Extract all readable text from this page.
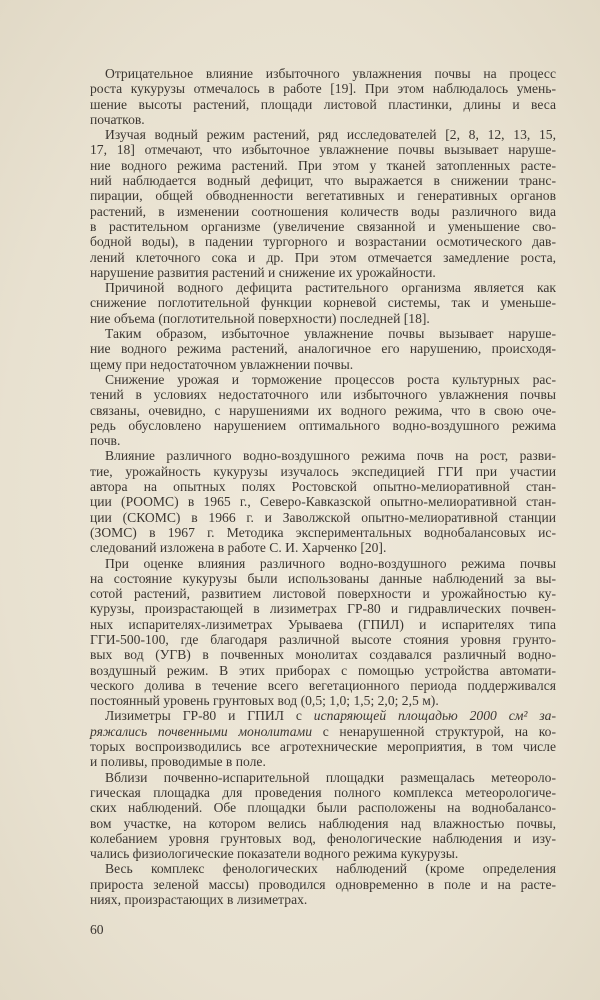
Отрицательное влияние избыточного увлажнения почвы на процесс
роста кукурузы отмечалось в работе [19]. При этом наблюдалось умень-
шение высоты растений, площади листовой пластинки, длины и веса
початков.
Изучая водный режим растений, ряд исследователей [2, 8, 12, 13, 15,
17, 18] отмечают, что избыточное увлажнение почвы вызывает наруше-
ние водного режима растений. При этом у тканей затопленных расте-
ний наблюдается водный дефицит, что выражается в снижении транс-
пирации, общей обводненности вегетативных и генеративных органов
растений, в изменении соотношения количеств воды различного вида
в растительном организме (увеличение связанной и уменьшение сво-
бодной воды), в падении тургорного и возрастании осмотического дав-
лений клеточного сока и др. При этом отмечается замедление роста,
нарушение развития растений и снижение их урожайности.
Причиной водного дефицита растительного организма является как
снижение поглотительной функции корневой системы, так и уменьше-
ние объема (поглотительной поверхности) последней [18].
Таким образом, избыточное увлажнение почвы вызывает наруше-
ние водного режима растений, аналогичное его нарушению, происходя-
щему при недостаточном увлажнении почвы.
Снижение урожая и торможение процессов роста культурных рас-
тений в условиях недостаточного или избыточного увлажнения почвы
связаны, очевидно, с нарушениями их водного режима, что в свою оче-
редь обусловлено нарушением оптимального водно-воздушного режима
почв.
Влияние различного водно-воздушного режима почв на рост, разви-
тие, урожайность кукурузы изучалось экспедицией ГГИ при участии
автора на опытных полях Ростовской опытно-мелиоративной стан-
ции (РООМС) в 1965 г., Северо-Кавказской опытно-мелиоративной стан-
ции (СКОМС) в 1966 г. и Заволжской опытно-мелиоративной станции
(ЗОМС) в 1967 г. Методика экспериментальных воднобалансовых ис-
следований изложена в работе С. И. Харченко [20].
При оценке влияния различного водно-воздушного режима почвы
на состояние кукурузы были использованы данные наблюдений за вы-
сотой растений, развитием листовой поверхности и урожайностью ку-
курузы, произрастающей в лизиметрах ГР-80 и гидравлических почвен-
ных испарителях-лизиметрах Урываева (ГПИЛ) и испарителях типа
ГГИ-500-100, где благодаря различной высоте стояния уровня грунто-
вых вод (УГВ) в почвенных монолитах создавался различный водно-
воздушный режим. В этих приборах с помощью устройства автомати-
ческого долива в течение всего вегетационного периода поддерживался
постоянный уровень грунтовых вод (0,5; 1,0; 1,5; 2,0; 2,5 м).
Лизиметры ГР-80 и ГПИЛ с испаряющей площадью 2000 см² за-
ряжались почвенными монолитами с ненарушенной структурой, на ко-
торых воспроизводились все агротехнические мероприятия, в том числе
и поливы, проводимые в поле.
Вблизи почвенно-испарительной площадки размещалась метеороло-
гическая площадка для проведения полного комплекса метеорологиче-
ских наблюдений. Обе площадки были расположены на воднобалансо-
вом участке, на котором велись наблюдения над влажностью почвы,
колебанием уровня грунтовых вод, фенологические наблюдения и изу-
чались физиологические показатели водного режима кукурузы.
Весь комплекс фенологических наблюдений (кроме определения
прироста зеленой массы) проводился одновременно в поле и на расте-
ниях, произрастающих в лизиметрах.
60
